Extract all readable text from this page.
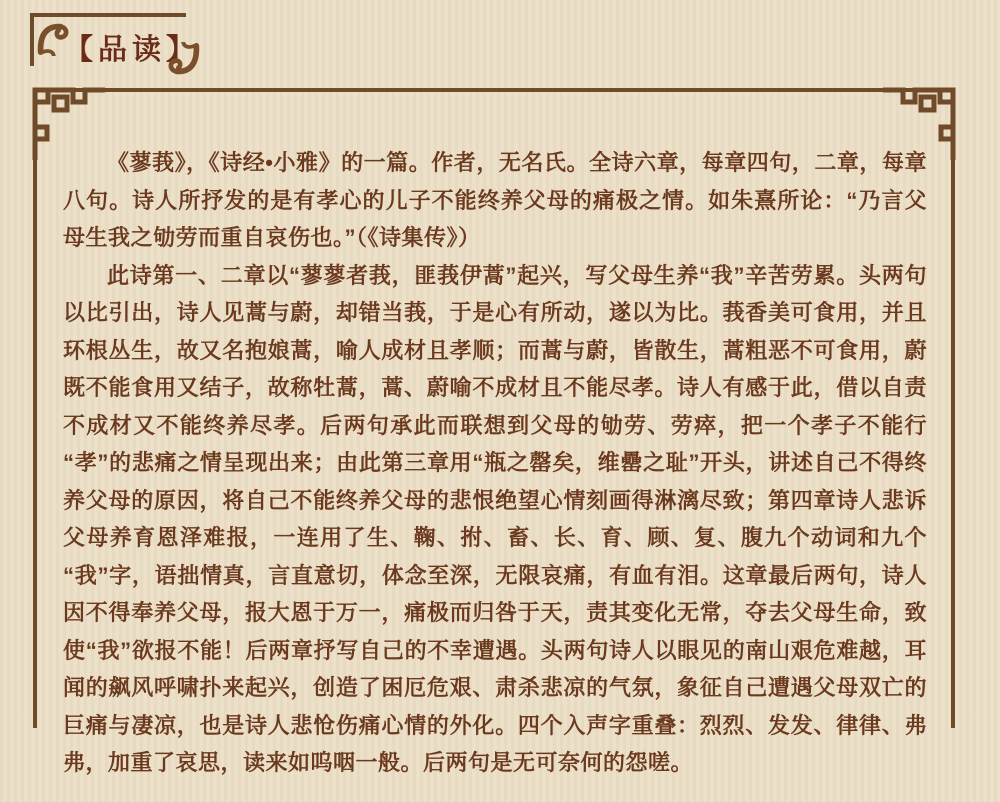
【品读】

《蓼莪》，《诗经•小雅》的一篇。作者，无名氏。全诗六章，每章四句，二章，每章八句。诗人所抒发的是有孝心的儿子不能终养父母的痛极之情。如朱熹所论：“乃言父母生我之劬劳而重自哀伤也。”（《诗集传》）

此诗第一、二章以“蓼蓼者莪，匪莪伊蒿”起兴，写父母生养“我”辛苦劳累。头两句以比引出，诗人见蒿与蔚，却错当莪，于是心有所动，遂以为比。莪香美可食用，并且环根丛生，故又名抱娘蒿，喻人成材且孝顺；而蒿与蔚，皆散生，蒿粗恶不可食用，蔚既不能食用又结子，故称牡蒿，蒿、蔚喻不成材且不能尽孝。诗人有感于此，借以自责不成材又不能终养尽孝。后两句承此而联想到父母的劬劳、劳瘁，把一个孝子不能行“孝”的悲痛之情呈现出来；由此第三章用“瓶之罄矣，维罍之耻”开头，讲述自己不得终养父母的原因，将自己不能终养父母的悲恨绝望心情刻画得淋漓尽致；第四章诗人悲诉父母养育恩泽难报，一连用了生、鞠、拊、畜、长、育、顾、复、腹九个动词和九个“我”字，语拙情真，言直意切，体念至深，无限哀痛，有血有泪。这章最后两句，诗人因不得奉养父母，报大恩于万一，痛极而归咎于天，责其变化无常，夺去父母生命，致使“我”欲报不能！后两章抒写自己的不幸遭遇。头两句诗人以眼见的南山艰危难越，耳闻的飙风呼啸扑来起兴，创造了困厄危艰、肃杀悲凉的气氛，象征自己遭遇父母双亡的巨痛与凄凉，也是诗人悲怆伤痛心情的外化。四个入声字重叠：烈烈、发发、律律、弗弗，加重了哀思，读来如呜咽一般。后两句是无可奈何的怨嗟。
